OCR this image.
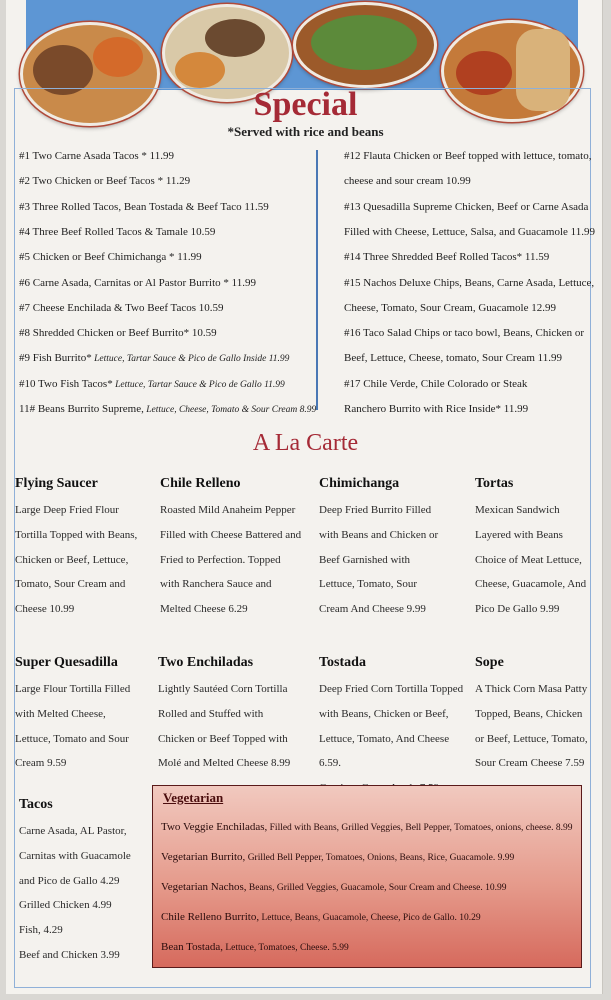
Special
*Served with rice and beans
#1 Two Carne Asada Tacos * 11.99
#2 Two Chicken or Beef Tacos * 11.29
#3 Three Rolled Tacos, Bean Tostada & Beef Taco 11.59
#4 Three Beef Rolled Tacos & Tamale 10.59
#5 Chicken or Beef Chimichanga * 11.99
#6 Carne Asada, Carnitas or Al Pastor Burrito * 11.99
#7 Cheese Enchilada & Two Beef Tacos 10.59
#8 Shredded Chicken or Beef Burrito* 10.59
#9 Fish Burrito* Lettuce, Tartar Sauce & Pico de Gallo Inside 11.99
#10 Two Fish Tacos* Lettuce, Tartar Sauce & Pico de Gallo 11.99
11# Beans Burrito Supreme, Lettuce, Cheese, Tomato & Sour Cream 8.99
#12 Flauta Chicken or Beef topped with lettuce, tomato,
cheese and sour cream 10.99
#13 Quesadilla Supreme Chicken, Beef or Carne Asada
Filled with Cheese, Lettuce, Salsa, and Guacamole 11.99
#14 Three Shredded Beef Rolled Tacos* 11.59
#15 Nachos Deluxe Chips, Beans, Carne Asada, Lettuce,
Cheese, Tomato, Sour Cream, Guacamole 12.99
#16 Taco Salad Chips or taco bowl, Beans, Chicken or
Beef, Lettuce, Cheese, tomato, Sour Cream 11.99
#17 Chile Verde, Chile Colorado or Steak
Ranchero Burrito with Rice Inside* 11.99
A La Carte
Flying Saucer
Large Deep Fried Flour
Tortilla Topped with Beans,
Chicken or Beef, Lettuce,
Tomato, Sour Cream and
Cheese 10.99
Chile Relleno
Roasted Mild Anaheim Pepper
Filled with Cheese Battered and
Fried to Perfection. Topped
with Ranchera Sauce and
Melted Cheese 6.29
Chimichanga
Deep Fried Burrito Filled
with Beans and Chicken or
Beef Garnished with
Lettuce, Tomato, Sour
Cream And Cheese 9.99
Tortas
Mexican Sandwich
Layered with Beans
Choice of Meat Lettuce,
Cheese, Guacamole, And
Pico De Gallo 9.99
Super Quesadilla
Large Flour Tortilla Filled
with Melted Cheese,
Lettuce, Tomato and Sour
Cream 9.59
Two Enchiladas
Lightly Sautéed Corn Tortilla
Rolled and Stuffed with
Chicken or Beef Topped with
Molé and Melted Cheese 8.99
Tostada
Deep Fried Corn Tortilla Topped
with Beans, Chicken or Beef,
Lettuce, Tomato, And Cheese 6.59.
Sope
A Thick Corn Masa Patty
Topped, Beans, Chicken
or Beef, Lettuce, Tomato,
Sour Cream Cheese 7.59
Tacos
Carne Asada, AL Pastor,
Carnitas with Guacamole
and Pico de Gallo 4.29
Grilled Chicken 4.99
Fish, 4.29
Beef and Chicken 3.99
Vegetarian
Two Veggie Enchiladas, Filled with Beans, Grilled Veggies, Bell Pepper, Tomatoes, onions, cheese. 8.99
Vegetarian Burrito, Grilled Bell Pepper, Tomatoes, Onions, Beans, Rice, Guacamole. 9.99
Vegetarian Nachos, Beans, Grilled Veggies, Guacamole, Sour Cream and Cheese. 10.99
Chile Relleno Burrito, Lettuce, Beans, Guacamole, Cheese, Pico de Gallo. 10.29
Bean Tostada, Lettuce, Tomatoes, Cheese. 5.99
